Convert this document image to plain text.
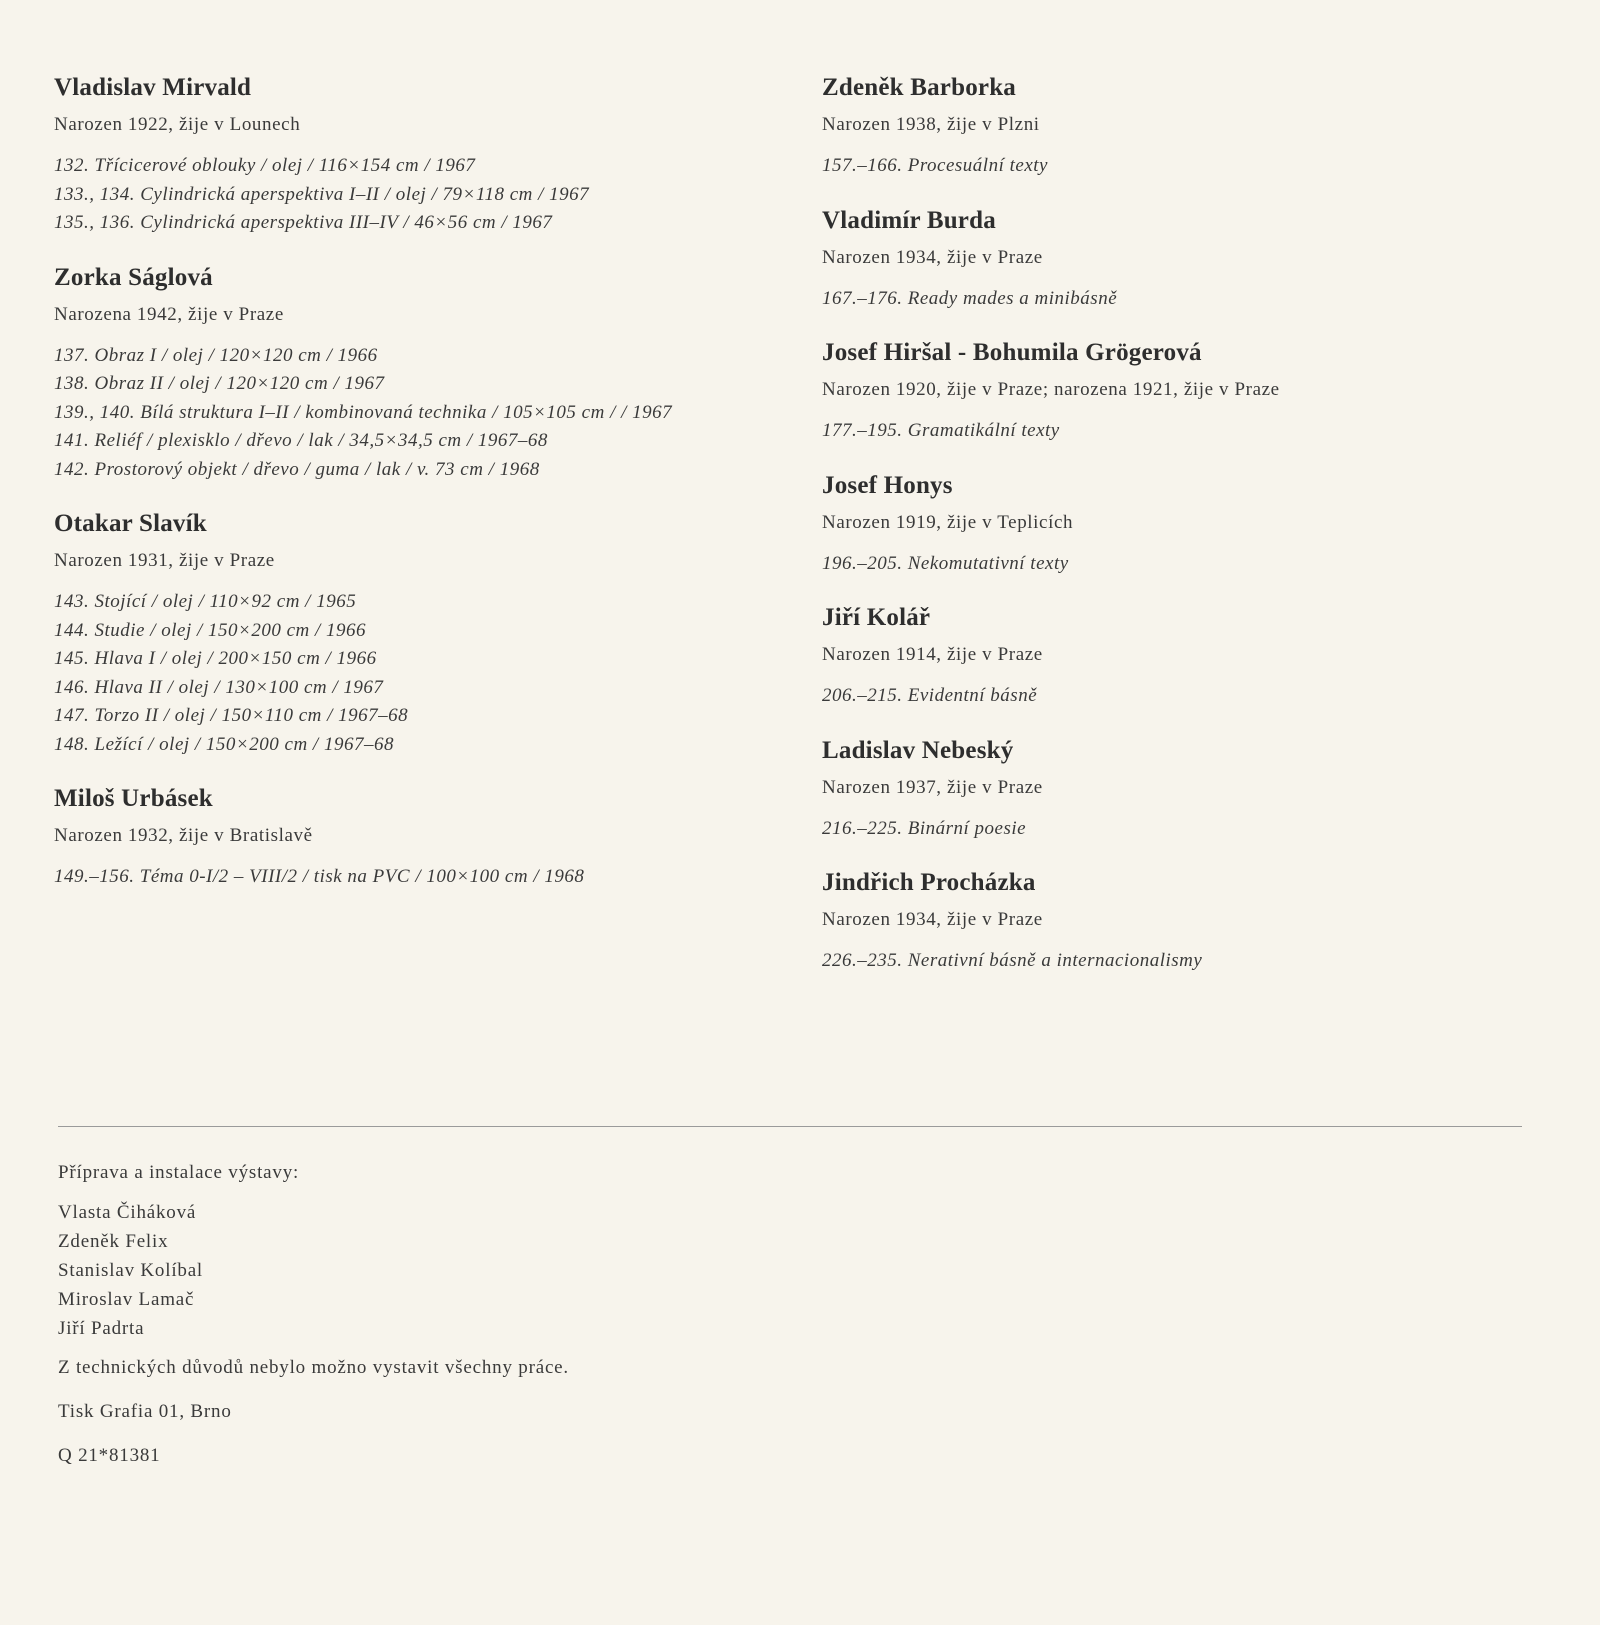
Vladislav Mirvald

Narozen 1922, žije v Lounech

132. Třícicerové oblouky / olej / 116×154 cm / 1967
133., 134. Cylindrická aperspektiva I–II / olej / 79×118 cm / 1967
135., 136. Cylindrická aperspektiva III–IV / 46×56 cm / 1967
Zorka Ságlová

Narozena 1942, žije v Praze

137. Obraz I / olej / 120×120 cm / 1966
138. Obraz II / olej / 120×120 cm / 1967
139., 140. Bílá struktura I–II / kombinovaná technika / 105×105 cm / / 1967
141. Reliéf / plexisklo / dřevo / lak / 34,5×34,5 cm / 1967–68
142. Prostorový objekt / dřevo / guma / lak / v. 73 cm / 1968
Otakar Slavík

Narozen 1931, žije v Praze

143. Stojící / olej / 110×92 cm / 1965
144. Studie / olej / 150×200 cm / 1966
145. Hlava I / olej / 200×150 cm / 1966
146. Hlava II / olej / 130×100 cm / 1967
147. Torzo II / olej / 150×110 cm / 1967–68
148. Ležící / olej / 150×200 cm / 1967–68
Miloš Urbásek

Narozen 1932, žije v Bratislavě

149.–156. Téma 0-I/2 – VIII/2 / tisk na PVC / 100×100 cm / 1968
Zdeněk Barborka

Narozen 1938, žije v Plzni

157.–166. Procesuální texty
Vladimír Burda

Narozen 1934, žije v Praze

167.–176. Ready mades a minibásně
Josef Hiršal - Bohumila Grögerová

Narozen 1920, žije v Praze; narozena 1921, žije v Praze

177.–195. Gramatikální texty
Josef Honys

Narozen 1919, žije v Teplicích

196.–205. Nekomutativní texty
Jiří Kolář

Narozen 1914, žije v Praze

206.–215. Evidentní básně
Ladislav Nebeský

Narozen 1937, žije v Praze

216.–225. Binární poesie
Jindřich Procházka

Narozen 1934, žije v Praze

226.–235. Nerativní básně a internacionalismy
Příprava a instalace výstavy:
Vlasta Čiháková
Zdeněk Felix
Stanislav Kolíbal
Miroslav Lamač
Jiří Padrta
Z technických důvodů nebylo možno vystavit všechny práce.
Tisk Grafia 01, Brno
Q 21*81381
